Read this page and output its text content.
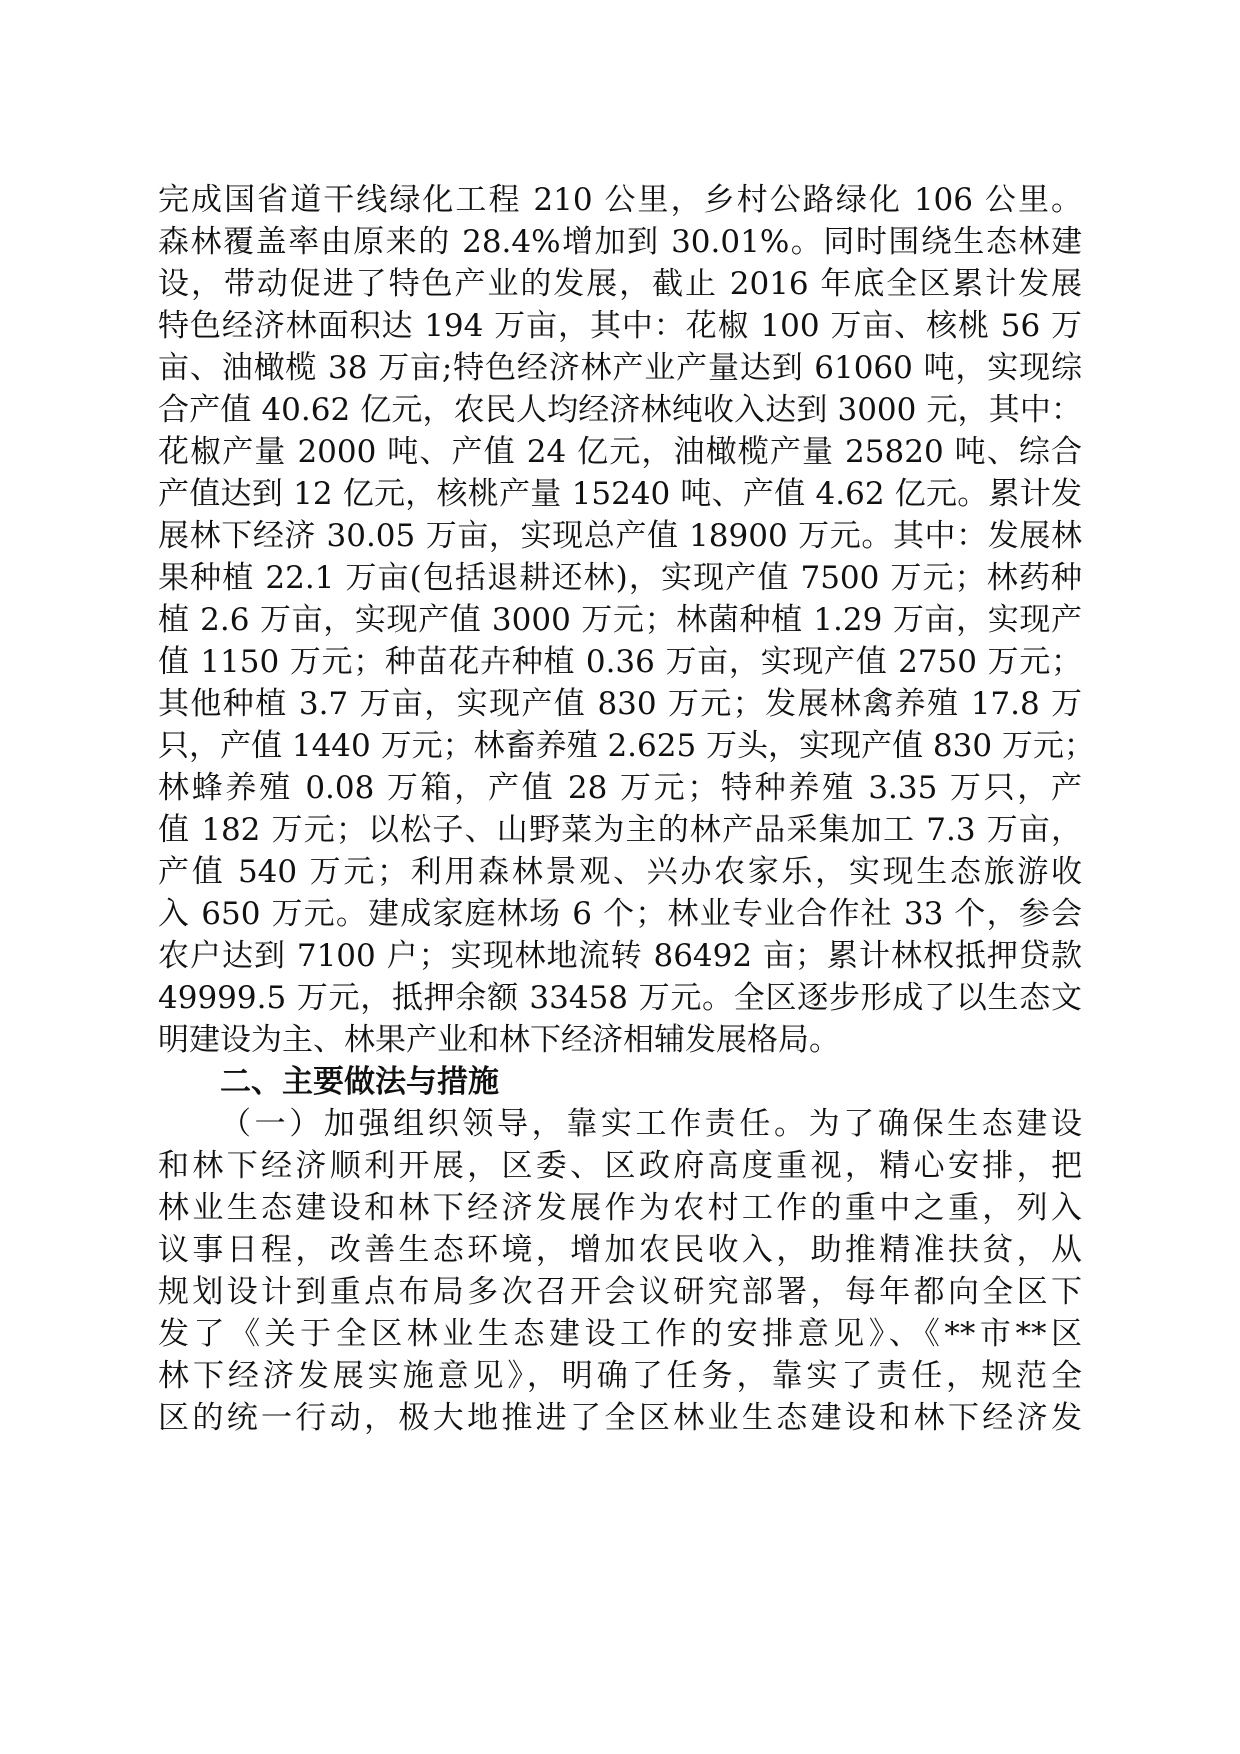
完成国省道干线绿化工程 210 公里，乡村公路绿化 106 公里。
森林覆盖率由原来的 28.4%增加到 30.01%。同时围绕生态林建
设，带动促进了特色产业的发展，截止 2016 年底全区累计发展
特色经济林面积达 194 万亩，其中：花椒 100 万亩、核桃 56 万
亩、油橄榄 38 万亩;特色经济林产业产量达到 61060 吨，实现综
合产值 40.62 亿元，农民人均经济林纯收入达到 3000 元，其中：
花椒产量 2000 吨、产值 24 亿元，油橄榄产量 25820 吨、综合
产值达到 12 亿元，核桃产量 15240 吨、产值 4.62 亿元。累计发
展林下经济 30.05 万亩，实现总产值 18900 万元。其中：发展林
果种植 22.1 万亩(包括退耕还林)，实现产值 7500 万元；林药种
植 2.6 万亩，实现产值 3000 万元；林菌种植 1.29 万亩，实现产
值 1150 万元；种苗花卉种植 0.36 万亩，实现产值 2750 万元；
其他种植 3.7 万亩，实现产值 830 万元；发展林禽养殖 17.8 万
只，产值 1440 万元；林畜养殖 2.625 万头，实现产值 830 万元；
林蜂养殖 0.08 万箱，产值 28 万元；特种养殖 3.35 万只，产
值 182 万元；以松子、山野菜为主的林产品采集加工 7.3 万亩，
产值 540 万元；利用森林景观、兴办农家乐，实现生态旅游收
入 650 万元。建成家庭林场 6 个；林业专业合作社 33 个，参会
农户达到 7100 户；实现林地流转 86492 亩；累计林权抵押贷款
49999.5 万元，抵押余额 33458 万元。全区逐步形成了以生态文
明建设为主、林果产业和林下经济相辅发展格局。
二、主要做法与措施
（一）加强组织领导，靠实工作责任。为了确保生态建设
和林下经济顺利开展，区委、区政府高度重视，精心安排，把
林业生态建设和林下经济发展作为农村工作的重中之重，列入
议事日程，改善生态环境，增加农民收入，助推精准扶贫，从
规划设计到重点布局多次召开会议研究部署，每年都向全区下
发了《关于全区林业生态建设工作的安排意见》、《**市**区
林下经济发展实施意见》，明确了任务，靠实了责任，规范全
区的统一行动，极大地推进了全区林业生态建设和林下经济发
